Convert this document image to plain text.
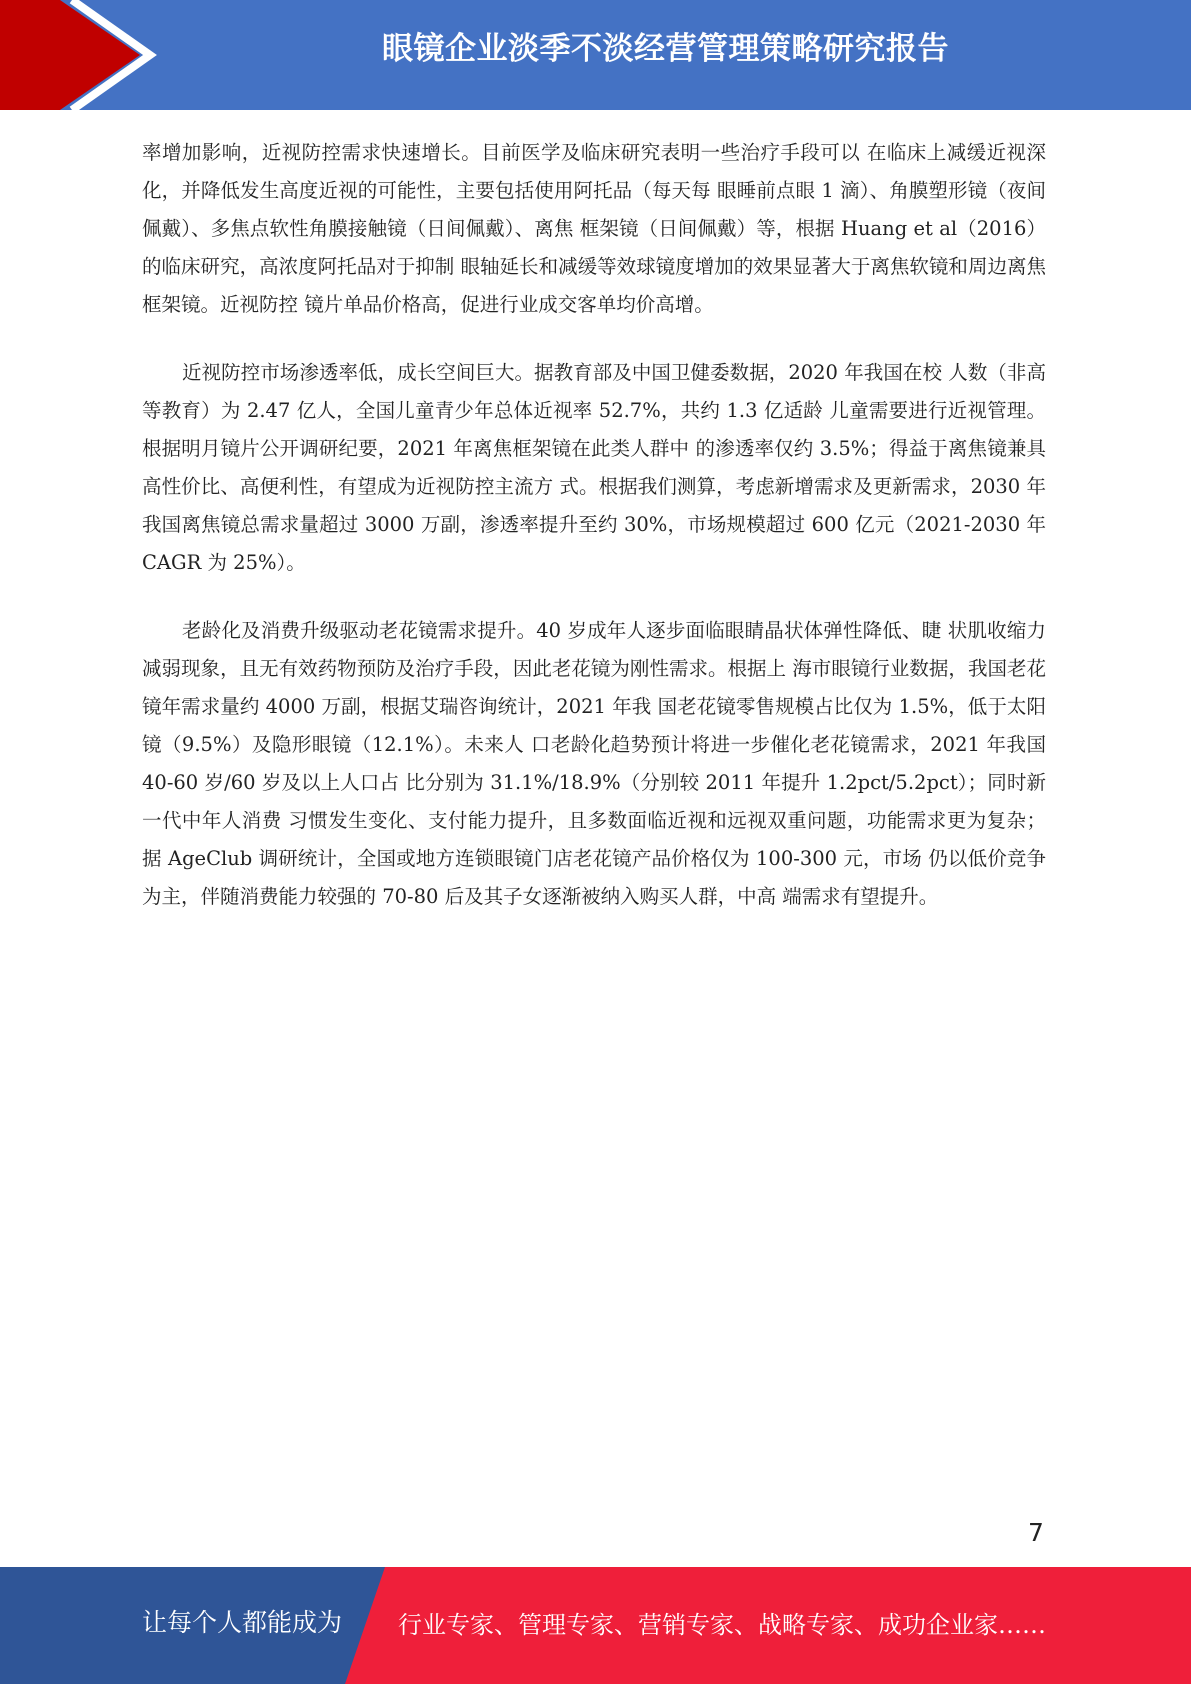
眼镜企业淡季不淡经营管理策略研究报告

率增加影响，近视防控需求快速增长。目前医学及临床研究表明一些治疗手段可以 在临床上减缓近视深化，并降低发生高度近视的可能性，主要包括使用阿托品（每天每 眼睡前点眼 1 滴）、角膜塑形镜（夜间佩戴）、多焦点软性角膜接触镜（日间佩戴）、离焦 框架镜（日间佩戴）等，根据 Huang et al（2016）的临床研究，高浓度阿托品对于抑制 眼轴延长和减缓等效球镜度增加的效果显著大于离焦软镜和周边离焦框架镜。近视防控 镜片单品价格高，促进行业成交客单均价高增。

近视防控市场渗透率低，成长空间巨大。据教育部及中国卫健委数据，2020 年我国在校 人数（非高等教育）为 2.47 亿人，全国儿童青少年总体近视率 52.7%，共约 1.3 亿适龄 儿童需要进行近视管理。根据明月镜片公开调研纪要，2021 年离焦框架镜在此类人群中 的渗透率仅约 3.5%；得益于离焦镜兼具高性价比、高便利性，有望成为近视防控主流方 式。根据我们测算，考虑新增需求及更新需求，2030 年我国离焦镜总需求量超过 3000 万副，渗透率提升至约 30%，市场规模超过 600 亿元（2021-2030 年 CAGR 为 25%）。

老龄化及消费升级驱动老花镜需求提升。40 岁成年人逐步面临眼睛晶状体弹性降低、睫 状肌收缩力减弱现象，且无有效药物预防及治疗手段，因此老花镜为刚性需求。根据上 海市眼镜行业数据，我国老花镜年需求量约 4000 万副，根据艾瑞咨询统计，2021 年我 国老花镜零售规模占比仅为 1.5%，低于太阳镜（9.5%）及隐形眼镜（12.1%）。未来人 口老龄化趋势预计将进一步催化老花镜需求，2021 年我国 40-60 岁/60 岁及以上人口占 比分别为 31.1%/18.9%（分别较 2011 年提升 1.2pct/5.2pct）；同时新一代中年人消费 习惯发生变化、支付能力提升，且多数面临近视和远视双重问题，功能需求更为复杂； 据 AgeClub 调研统计，全国或地方连锁眼镜门店老花镜产品价格仅为 100-300 元，市场 仍以低价竞争为主，伴随消费能力较强的 70-80 后及其子女逐渐被纳入购买人群，中高 端需求有望提升。

7
让每个人都能成为 行业专家、管理专家、营销专家、战略专家、成功企业家……
